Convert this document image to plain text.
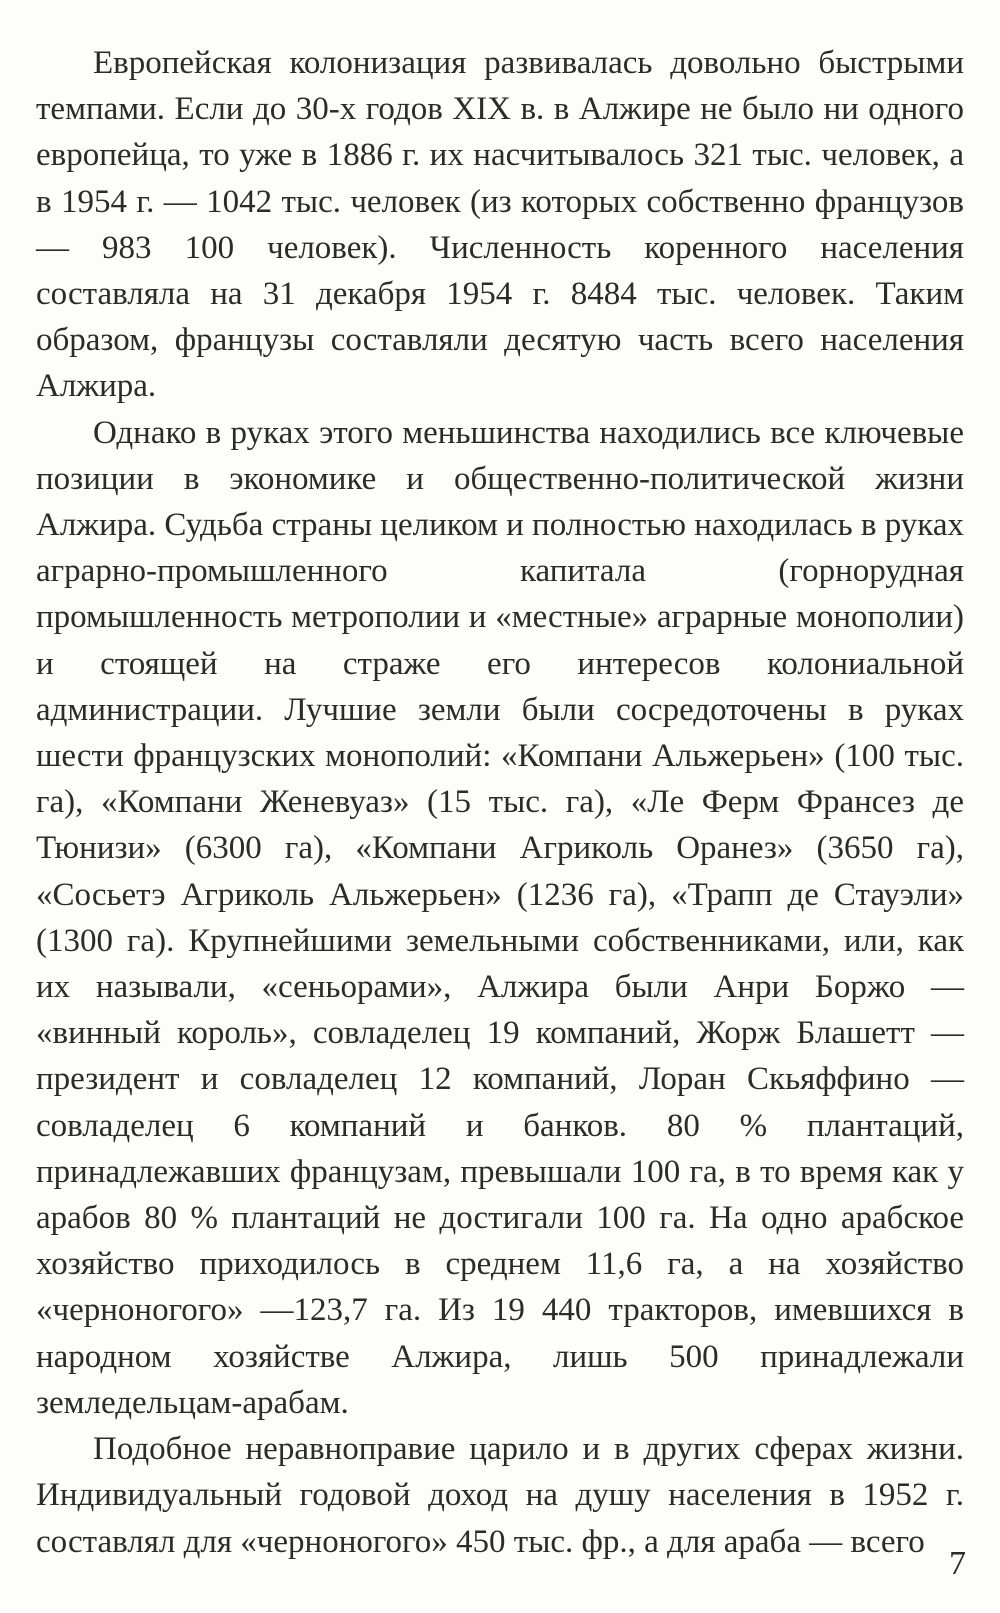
Европейская колонизация развивалась довольно быстрыми темпами. Если до 30-х годов XIX в. в Алжире не было ни одного европейца, то уже в 1886 г. их насчитывалось 321 тыс. человек, а в 1954 г. — 1042 тыс. человек (из которых собственно французов — 983 100 человек). Численность коренного населения составляла на 31 декабря 1954 г. 8484 тыс. человек. Таким образом, французы составляли десятую часть всего населения Алжира.

Однако в руках этого меньшинства находились все ключевые позиции в экономике и общественно-политической жизни Алжира. Судьба страны целиком и полностью находилась в руках аграрно-промышленного капитала (горнорудная промышленность метрополии и «местные» аграрные монополии) и стоящей на страже его интересов колониальной администрации. Лучшие земли были сосредоточены в руках шести французских монополий: «Компани Альжерьен» (100 тыс. га), «Компани Женевуаз» (15 тыс. га), «Ле Ферм Франсез де Тюнизи» (6300 га), «Компани Агриколь Оранез» (3650 га), «Сосьетэ Агриколь Альжерьен» (1236 га), «Трапп де Стауэли» (1300 га). Крупнейшими земельными собственниками, или, как их называли, «сеньорами», Алжира были Анри Боржо — «винный король», совладелец 19 компаний, Жорж Блашетт — президент и совладелец 12 компаний, Лоран Скьяффино — совладелец 6 компаний и банков. 80 % плантаций, принадлежавших французам, превышали 100 га, в то время как у арабов 80 % плантаций не достигали 100 га. На одно арабское хозяйство приходилось в среднем 11,6 га, а на хозяйство «черноногого» —123,7 га. Из 19 440 тракторов, имевшихся в народном хозяйстве Алжира, лишь 500 принадлежали земледельцам-арабам.

Подобное неравноправие царило и в других сферах жизни. Индивидуальный годовой доход на душу населения в 1952 г. составлял для «черноногого» 450 тыс. фр., а для араба — всего

7
